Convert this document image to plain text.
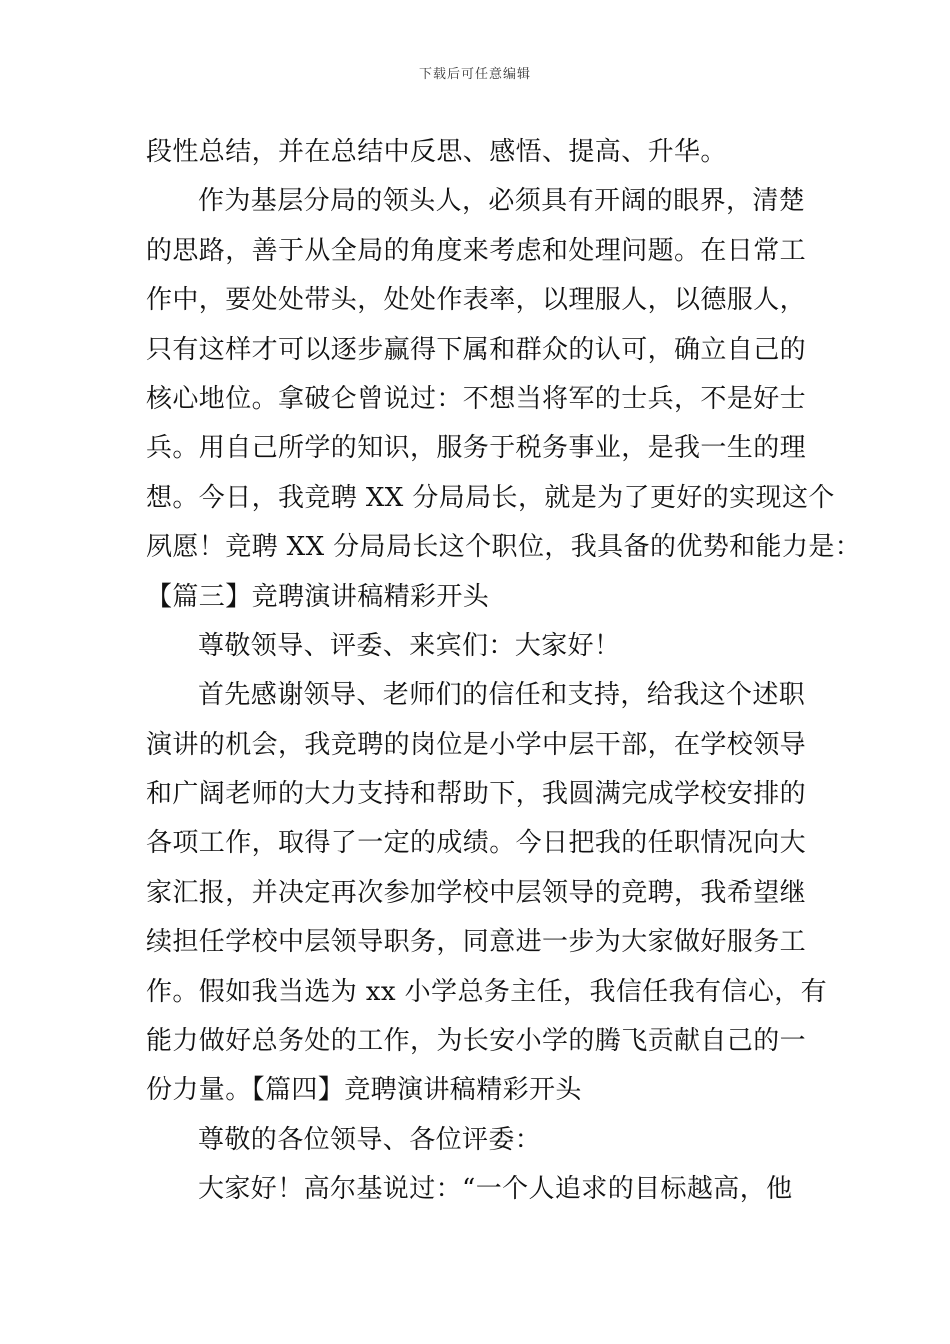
下载后可任意编辑
段性总结，并在总结中反思、感悟、提高、升华。
作为基层分局的领头人，必须具有开阔的眼界，清楚
的思路，善于从全局的角度来考虑和处理问题。在日常工
作中，要处处带头，处处作表率，以理服人，以德服人，
只有这样才可以逐步赢得下属和群众的认可，确立自己的
核心地位。拿破仑曾说过：不想当将军的士兵，不是好士
兵。用自己所学的知识，服务于税务事业，是我一生的理
想。今日，我竞聘 XX 分局局长，就是为了更好的实现这个
夙愿！竞聘 XX 分局局长这个职位，我具备的优势和能力是：
【篇三】竞聘演讲稿精彩开头
尊敬领导、评委、来宾们：大家好！
首先感谢领导、老师们的信任和支持，给我这个述职
演讲的机会，我竞聘的岗位是小学中层干部，在学校领导
和广阔老师的大力支持和帮助下，我圆满完成学校安排的
各项工作，取得了一定的成绩。今日把我的任职情况向大
家汇报，并决定再次参加学校中层领导的竞聘，我希望继
续担任学校中层领导职务，同意进一步为大家做好服务工
作。假如我当选为 xx 小学总务主任，我信任我有信心，有
能力做好总务处的工作，为长安小学的腾飞贡献自己的一
份力量。【篇四】竞聘演讲稿精彩开头
尊敬的各位领导、各位评委：
大家好！高尔基说过：“一个人追求的目标越高，他
